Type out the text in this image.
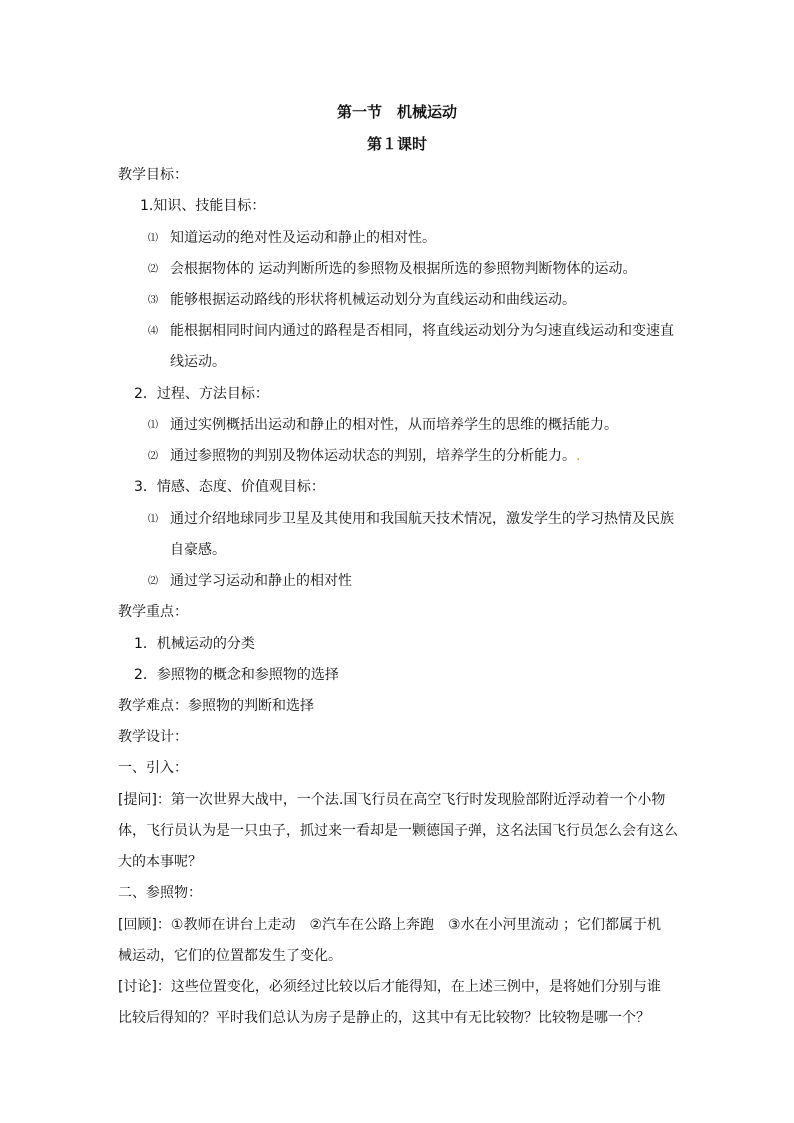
第一节　机械运动
第１课时
教学目标：
1.知识、技能目标：
⑴ 知道运动的绝对性及运动和静止的相对性。
⑵ 会根据物体的 运动判断所选的参照物及根据所选的参照物判断物体的运动。
⑶ 能够根据运动路线的形状将机械运动划分为直线运动和曲线运动。
⑷ 能根据相同时间内通过的路程是否相同，将直线运动划分为匀速直线运动和变速直
线运动。
2．过程、方法目标：
⑴ 通过实例概括出运动和静止的相对性，从而培养学生的思维的概括能力。
⑵ 通过参照物的判别及物体运动状态的判别，培养学生的分析能力。.
3．情感、态度、价值观目标：
⑴ 通过介绍地球同步卫星及其使用和我国航天技术情况，激发学生的学习热情及民族
自豪感。
⑵ 通过学习运动和静止的相对性
教学重点：
1．机械运动的分类
2．参照物的概念和参照物的选择
教学难点：参照物的判断和选择
教学设计：
一、引入：
[提问]：第一次世界大战中，一个法.国飞行员在高空飞行时发现脸部附近浮动着一个小物
体，飞行员认为是一只虫子，抓过来一看却是一颗德国子弹，这名法国飞行员怎么会有这么
大的本事呢？
二、参照物：
[回顾]：①教师在讲台上走动　②汽车在公路上奔跑　③水在小河里流动 ；它们都属于机
械运动，它们的位置都发生了变化。
[讨论]：这些位置变化，必须经过比较以后才能得知，在上述三例中，是将她们分别与谁
比较后得知的？平时我们总认为房子是静止的，这其中有无比较物？比较物是哪一个？
